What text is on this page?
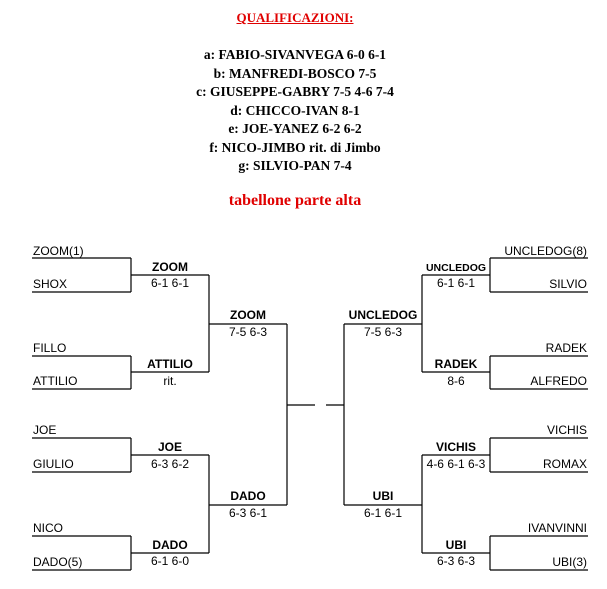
QUALIFICAZIONI:
a: FABIO-SIVANVEGA 6-0 6-1
b: MANFREDI-BOSCO 7-5
c: GIUSEPPE-GABRY 7-5 4-6 7-4
d: CHICCO-IVAN 8-1
e: JOE-YANEZ 6-2 6-2
f: NICO-JIMBO rit. di Jimbo
g: SILVIO-PAN 7-4
tabellone parte alta
ZOOM(1)
SHOX
ZOOM
6-1 6-1
FILLO
ATTILIO
ATTILIO
rit.
JOE
GIULIO
JOE
6-3 6-2
NICO
DADO(5)
DADO
6-1 6-0
ZOOM
7-5 6-3
DADO
6-3 6-1
UNCLEDOG(8)
SILVIO
UNCLEDOG
6-1 6-1
RADEK
ALFREDO
RADEK
8-6
VICHIS
ROMAX
VICHIS
4-6 6-1 6-3
IVANVINNI
UBI(3)
UBI
6-3 6-3
UNCLEDOG
7-5 6-3
UBI
6-1 6-1
